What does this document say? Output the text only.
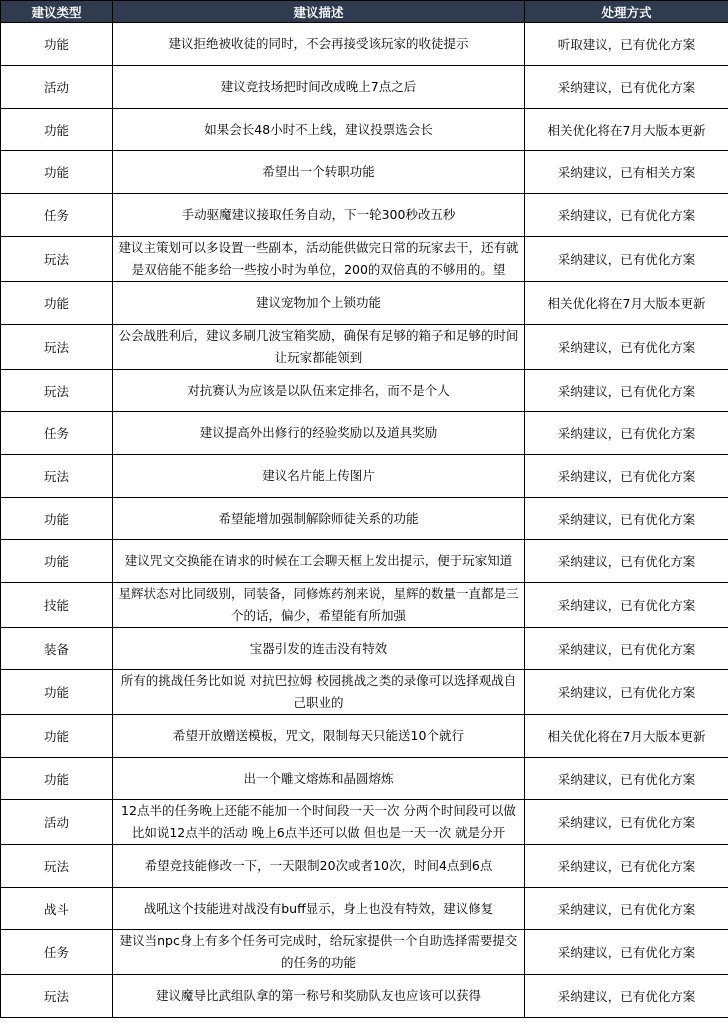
建议类型	建议描述	处理方式
功能	建议拒绝被收徒的同时，不会再接受该玩家的收徒提示	听取建议，已有优化方案
活动	建议竞技场把时间改成晚上7点之后	采纳建议，已有优化方案
功能	如果会长48小时不上线，建议投票选会长	相关优化将在7月大版本更新
功能	希望出一个转职功能	采纳建议，已有相关方案
任务	手动驱魔建议接取任务自动，下一轮300秒改五秒	采纳建议，已有优化方案
玩法	建议主策划可以多设置一些副本，活动能供做完日常的玩家去干，还有就是双倍能不能多给一些按小时为单位，200的双倍真的不够用的。望	采纳建议，已有优化方案
功能	建议宠物加个上锁功能	相关优化将在7月大版本更新
玩法	公会战胜利后，建议多刷几波宝箱奖励，确保有足够的箱子和足够的时间让玩家都能领到	采纳建议，已有优化方案
玩法	对抗赛认为应该是以队伍来定排名，而不是个人	采纳建议，已有优化方案
任务	建议提高外出修行的经验奖励以及道具奖励	采纳建议，已有优化方案
玩法	建议名片能上传图片	采纳建议，已有优化方案
功能	希望能增加强制解除师徒关系的功能	采纳建议，已有优化方案
功能	建议咒文交换能在请求的时候在工会聊天框上发出提示，便于玩家知道	采纳建议，已有优化方案
技能	星辉状态对比同级别，同装备，同修炼药剂来说，星辉的数量一直都是三个的话，偏少，希望能有所加强	采纳建议，已有优化方案
装备	宝器引发的连击没有特效	采纳建议，已有优化方案
功能	所有的挑战任务比如说 对抗巴拉姆 校园挑战之类的录像可以选择观战自己职业的	采纳建议，已有优化方案
功能	希望开放赠送模板，咒文，限制每天只能送10个就行	相关优化将在7月大版本更新
功能	出一个雕文熔炼和晶圆熔炼	采纳建议，已有优化方案
活动	12点半的任务晚上还能不能加一个时间段一天一次 分两个时间段可以做比如说12点半的活动 晚上6点半还可以做 但也是一天一次 就是分开	采纳建议，已有优化方案
玩法	希望竞技能修改一下，一天限制20次或者10次，时间4点到6点	采纳建议，已有优化方案
战斗	战吼这个技能进对战没有buff显示，身上也没有特效，建议修复	采纳建议，已有优化方案
任务	建议当npc身上有多个任务可完成时，给玩家提供一个自助选择需要提交的任务的功能	采纳建议，已有优化方案
玩法	建议魔导比武组队拿的第一称号和奖励队友也应该可以获得	采纳建议，已有优化方案
